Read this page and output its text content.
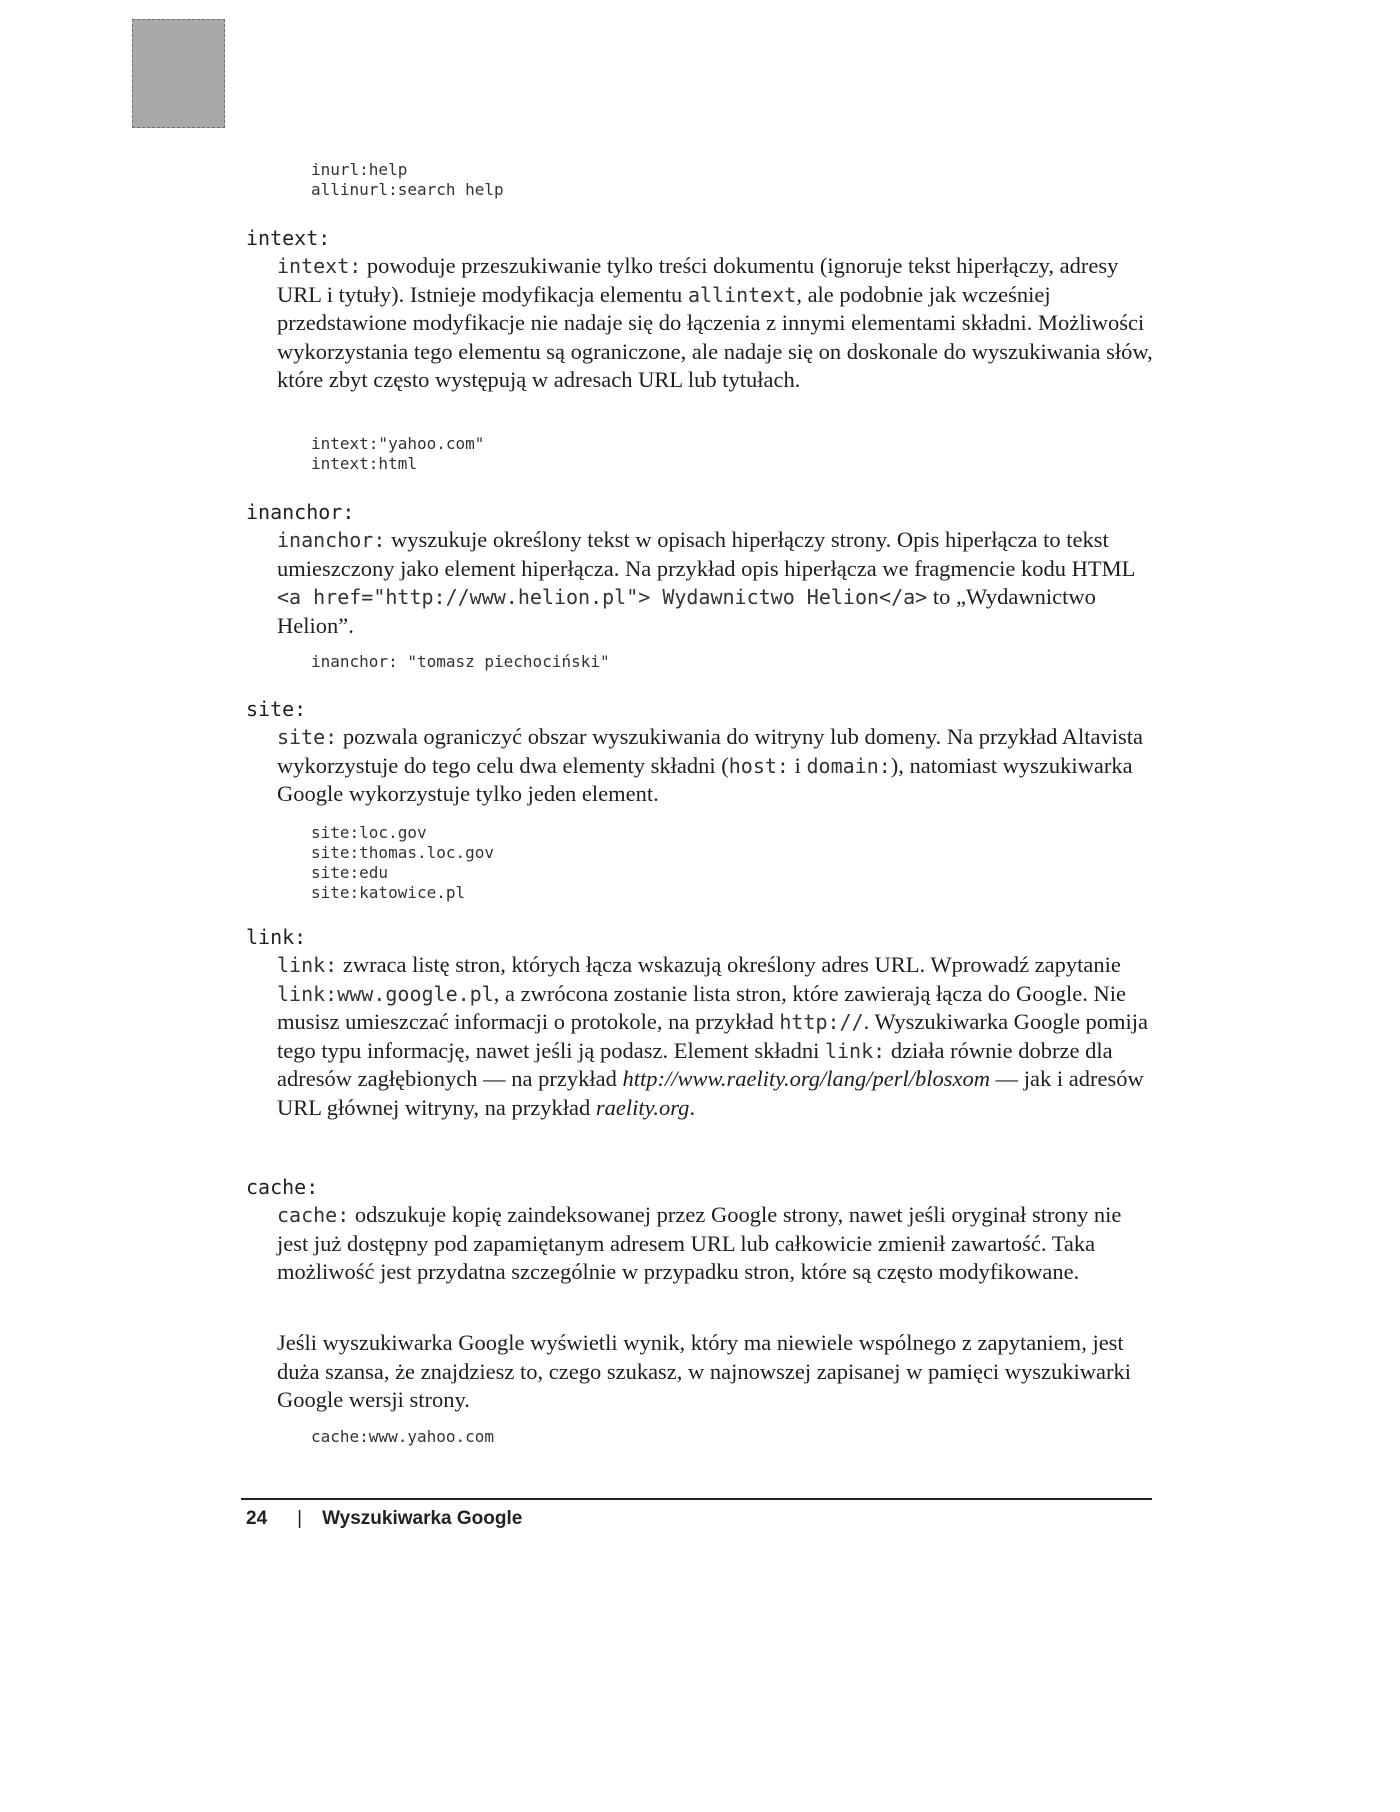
inurl:help
allinurl:search help
intext:

intext: powoduje przeszukiwanie tylko treści dokumentu (ignoruje tekst hiperłączy, adresy URL i tytuły). Istnieje modyfikacja elementu allintext, ale podobnie jak wcześniej przedstawione modyfikacje nie nadaje się do łączenia z innymi elementami składni. Możliwości wykorzystania tego elementu są ograniczone, ale nadaje się on doskonale do wyszukiwania słów, które zbyt często występują w adresach URL lub tytułach.

intext:"yahoo.com"
intext:html
inanchor:

inanchor: wyszukuje określony tekst w opisach hiperłączy strony. Opis hiperłącza to tekst umieszczony jako element hiperłącza. Na przykład opis hiperłącza we fragmencie kodu HTML <a href="http://www.helion.pl"> Wydawnictwo Helion</a> to „Wydawnictwo Helion”.

inanchor: "tomasz piechociński"
site:

site: pozwala ograniczyć obszar wyszukiwania do witryny lub domeny. Na przykład Altavista wykorzystuje do tego celu dwa elementy składni (host: i domain:), natomiast wyszukiwarka Google wykorzystuje tylko jeden element.

site:loc.gov
site:thomas.loc.gov
site:edu
site:katowice.pl
link:

link: zwraca listę stron, których łącza wskazują określony adres URL. Wprowadź zapytanie link:www.google.pl, a zwrócona zostanie lista stron, które zawierają łącza do Google. Nie musisz umieszczać informacji o protokole, na przykład http://. Wyszukiwarka Google pomija tego typu informację, nawet jeśli ją podasz. Element składni link: działa równie dobrze dla adresów zagłębionych — na przykład http://www.raelity.org/lang/perl/blosxom — jak i adresów URL głównej witryny, na przykład raelity.org.

cache:

cache: odszukuje kopię zaindeksowanej przez Google strony, nawet jeśli oryginał strony nie jest już dostępny pod zapamiętanym adresem URL lub całkowicie zmienił zawartość. Taka możliwość jest przydatna szczególnie w przypadku stron, które są często modyfikowane.

Jeśli wyszukiwarka Google wyświetli wynik, który ma niewiele wspólnego z zapytaniem, jest duża szansa, że znajdziesz to, czego szukasz, w najnowszej zapisanej w pamięci wyszukiwarki Google wersji strony.

cache:www.yahoo.com
24 | Wyszukiwarka Google
